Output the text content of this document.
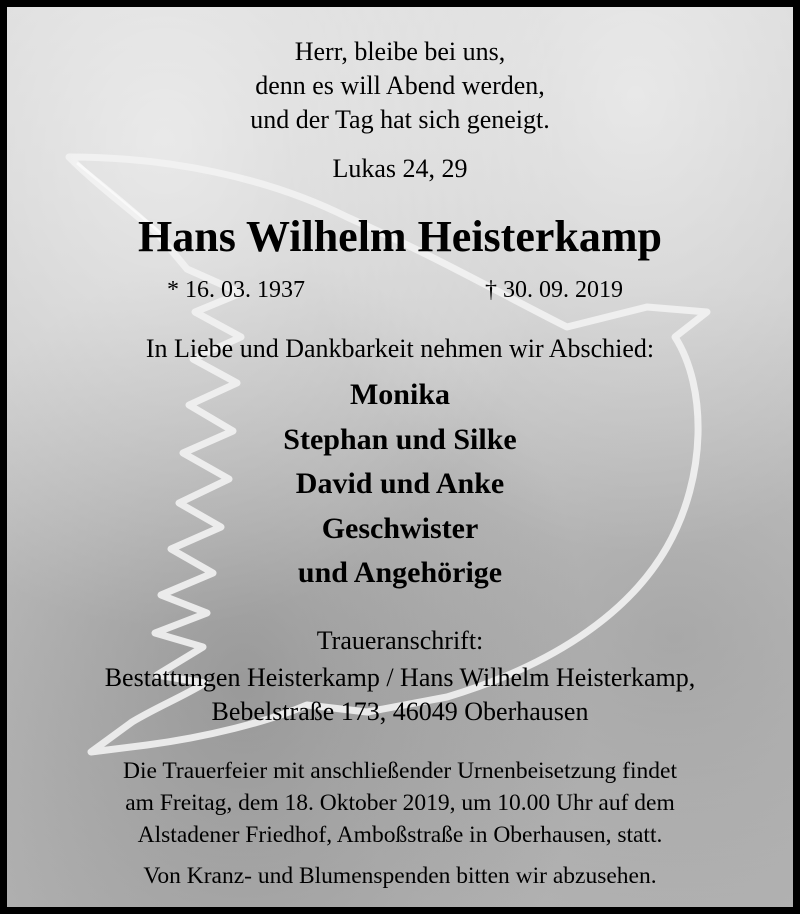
Herr, bleibe bei uns,
denn es will Abend werden,
und der Tag hat sich geneigt.
Lukas 24, 29
Hans Wilhelm Heisterkamp
* 16. 03. 1937	† 30. 09. 2019
In Liebe und Dankbarkeit nehmen wir Abschied:
Monika
Stephan und Silke
David und Anke
Geschwister
und Angehörige
Traueranschrift:
Bestattungen Heisterkamp / Hans Wilhelm Heisterkamp,
Bebelstraße 173, 46049 Oberhausen
Die Trauerfeier mit anschließender Urnenbeisetzung findet
am Freitag, dem 18. Oktober 2019, um 10.00 Uhr auf dem
Alstadener Friedhof, Amboßstraße in Oberhausen, statt.
Von Kranz- und Blumenspenden bitten wir abzusehen.
